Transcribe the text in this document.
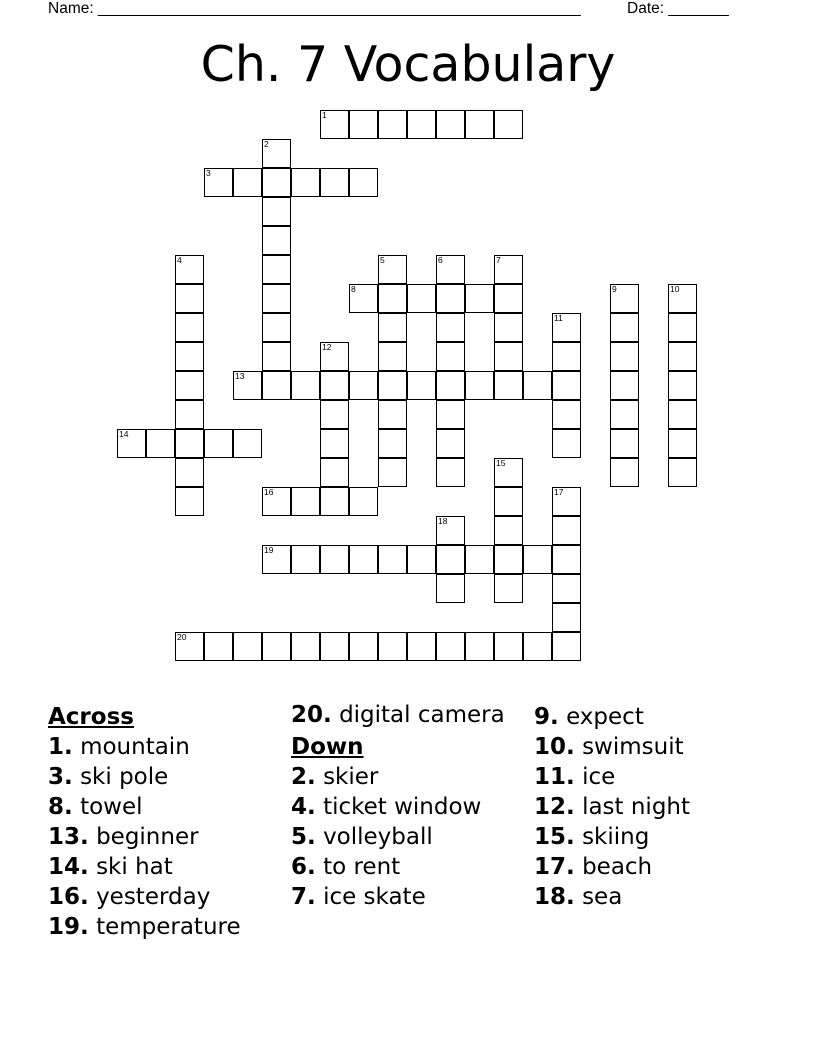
Name: ________________________________________________________	Date: _______
Ch. 7 Vocabulary
1
2
3
4	5	6	7
8	9	10
11
12
13
14
15
16	17
18
19
20
Across
1. mountain
3. ski pole
8. towel
13. beginner
14. ski hat
16. yesterday
19. temperature
20. digital camera
Down
2. skier
4. ticket window
5. volleyball
6. to rent
7. ice skate
9. expect
10. swimsuit
11. ice
12. last night
15. skiing
17. beach
18. sea
